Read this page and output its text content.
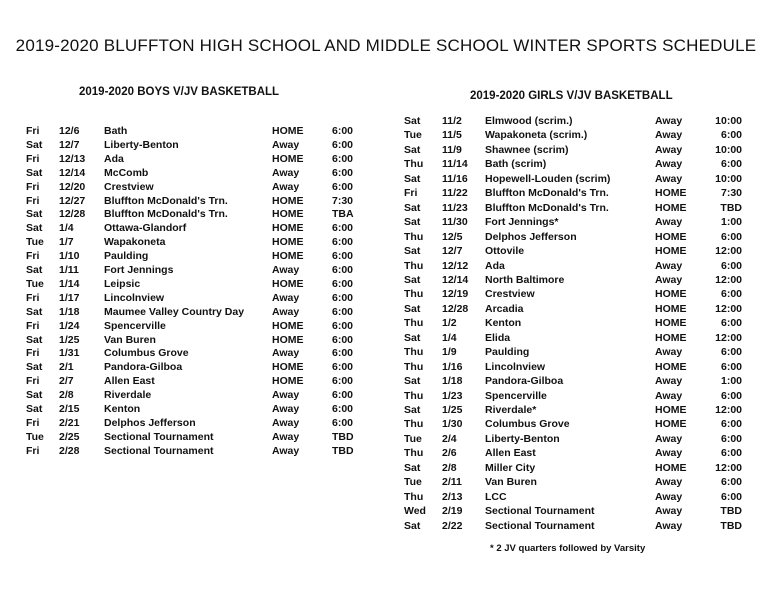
2019-2020 BLUFFTON HIGH SCHOOL AND MIDDLE SCHOOL WINTER SPORTS SCHEDULE
2019-2020 BOYS V/JV BASKETBALL	2019-2020 GIRLS V/JV BASKETBALL
Fri 12/6 Bath	HOME	6:00
Sat 12/7 Liberty-Benton	Away	6:00
Fri 12/13 Ada	HOME	6:00
Sat 12/14 McComb	Away	6:00
Fri 12/20 Crestview	Away	6:00
Fri 12/27 Bluffton McDonald's Trn.	HOME	7:30
Sat 12/28 Bluffton McDonald's Trn.	HOME	TBA
Sat 1/4	Ottawa-Glandorf	HOME	6:00
Tue 1/7	Wapakoneta	HOME	6:00
Fri 1/10 Paulding	HOME	6:00
Sat 1/11 Fort Jennings	Away	6:00
Tue 1/14 Leipsic	HOME	6:00
Fri 1/17 Lincolnview	Away	6:00
Sat 1/18 Maumee Valley Country Day	Away	6:00
Fri 1/24 Spencerville	HOME	6:00
Sat 1/25 Van Buren	HOME	6:00
Fri 1/31 Columbus Grove	Away	6:00
Sat 2/1	Pandora-Gilboa	HOME	6:00
Fri 2/7	Allen East	HOME	6:00
Sat 2/8	Riverdale	Away	6:00
Sat 2/15 Kenton	Away	6:00
Fri 2/21 Delphos Jefferson	Away	6:00
Tue 2/25 Sectional Tournament	Away	TBD
Fri 2/28 Sectional Tournament	Away	TBD
Sat 11/2 Elmwood (scrim.)	Away	10:00
Tue 11/5 Wapakoneta (scrim.)	Away	6:00
Sat 11/9 Shawnee (scrim)	Away	10:00
Thu 11/14 Bath (scrim)	Away	6:00
Sat 11/16 Hopewell-Louden (scrim)	Away	10:00
Fri 11/22 Bluffton McDonald's Trn.	HOME	7:30
Sat 11/23 Bluffton McDonald's Trn.	HOME	TBD
Sat 11/30 Fort Jennings*	Away	1:00
Thu 12/5 Delphos Jefferson	HOME	6:00
Sat 12/7 Ottovile	HOME	12:00
Thu 12/12 Ada	Away	6:00
Sat 12/14 North Baltimore	Away	12:00
Thu 12/19 Crestview	HOME	6:00
Sat 12/28 Arcadia	HOME	12:00
Thu 1/2	Kenton	HOME	6:00
Sat 1/4	Elida	HOME	12:00
Thu 1/9	Paulding	Away	6:00
Thu 1/16 Lincolnview	HOME	6:00
Sat 1/18 Pandora-Gilboa	Away	1:00
Thu 1/23 Spencerville	Away	6:00
Sat 1/25 Riverdale*	HOME	12:00
Thu 1/30 Columbus Grove	HOME	6:00
Tue 2/4	Liberty-Benton	Away	6:00
Thu 2/6	Allen East	Away	6:00
Sat 2/8	Miller City	HOME	12:00
Tue 2/11 Van Buren	Away	6:00
Thu 2/13 LCC	Away	6:00
Wed 2/19 Sectional Tournament	Away	TBD
Sat 2/22 Sectional Tournament	Away	TBD
* 2 JV quarters followed by Varsity
